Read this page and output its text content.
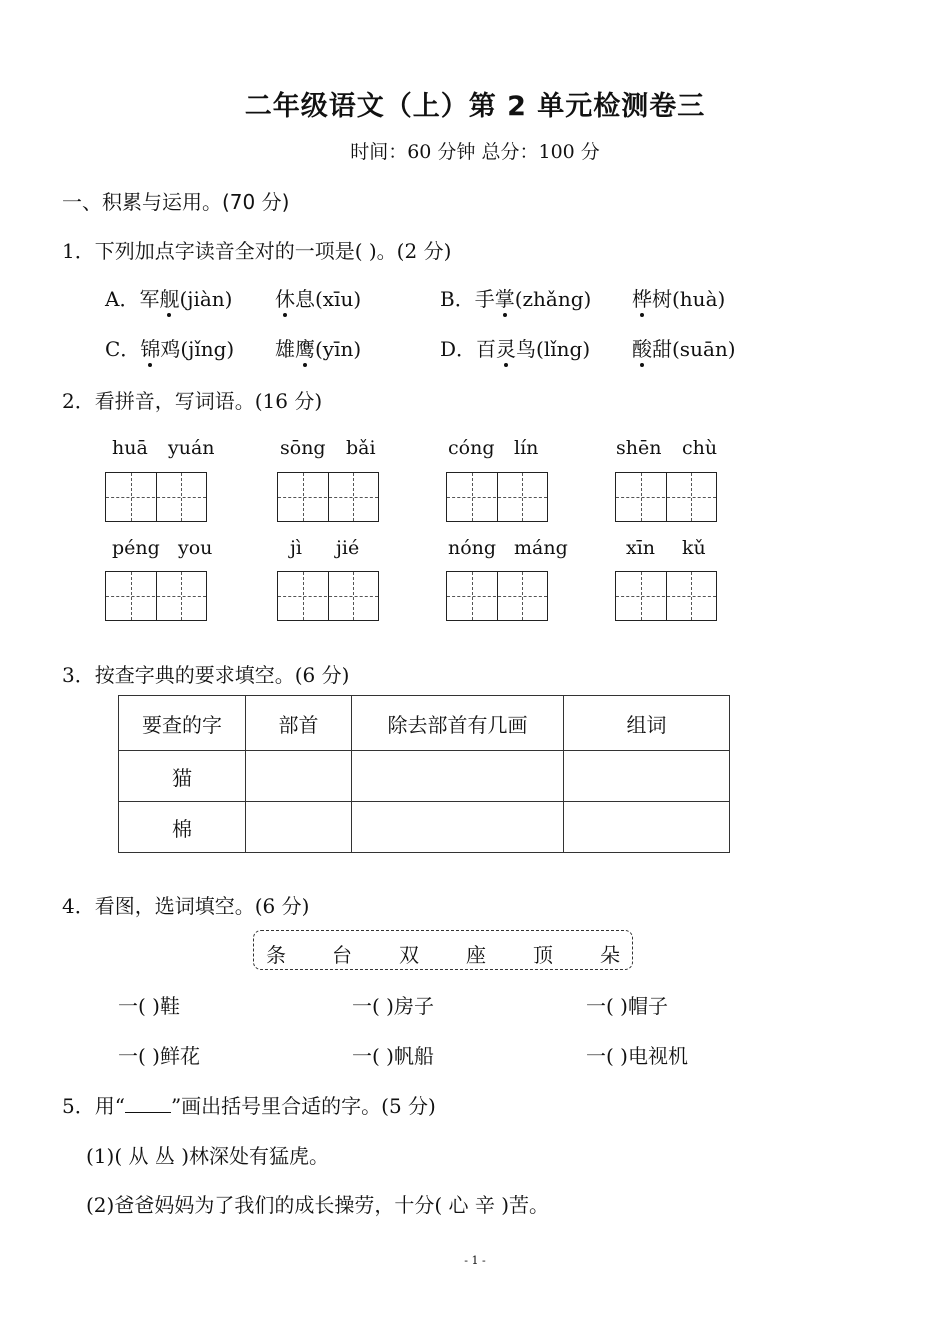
二年级语文（上）第 2 单元检测卷三
时间：60 分钟 总分：100 分
一、积累与运用。(70 分)
1．下列加点字读音全对的一项是( )。(2 分)
A．军舰(jiàn) 休息(xīu)	B．手掌(zhǎng) 桦树(huà)
C．锦鸡(jǐng) 雄鹰(yīn)	D．百灵鸟(lǐng) 酸甜(suān)
2．看拼音，写词语。(16 分)
huā yuán	sōng bǎi	cóng lín	shēn chù
péng you	jì jié	nóng máng	xīn kǔ
3．按查字典的要求填空。(6 分)
要查的字	部首	除去部首有几画	组词
猫			
棉			
4．看图，选词填空。(6 分)
条 台 双 座 顶 朵
一( )鞋	一( )房子	一( )帽子
一( )鲜花	一( )帆船	一( )电视机
5．用“ ”画出括号里合适的字。(5 分)
(1)( 从 丛 )林深处有猛虎。
(2)爸爸妈妈为了我们的成长操劳，十分( 心 辛 )苦。
- 1 -
